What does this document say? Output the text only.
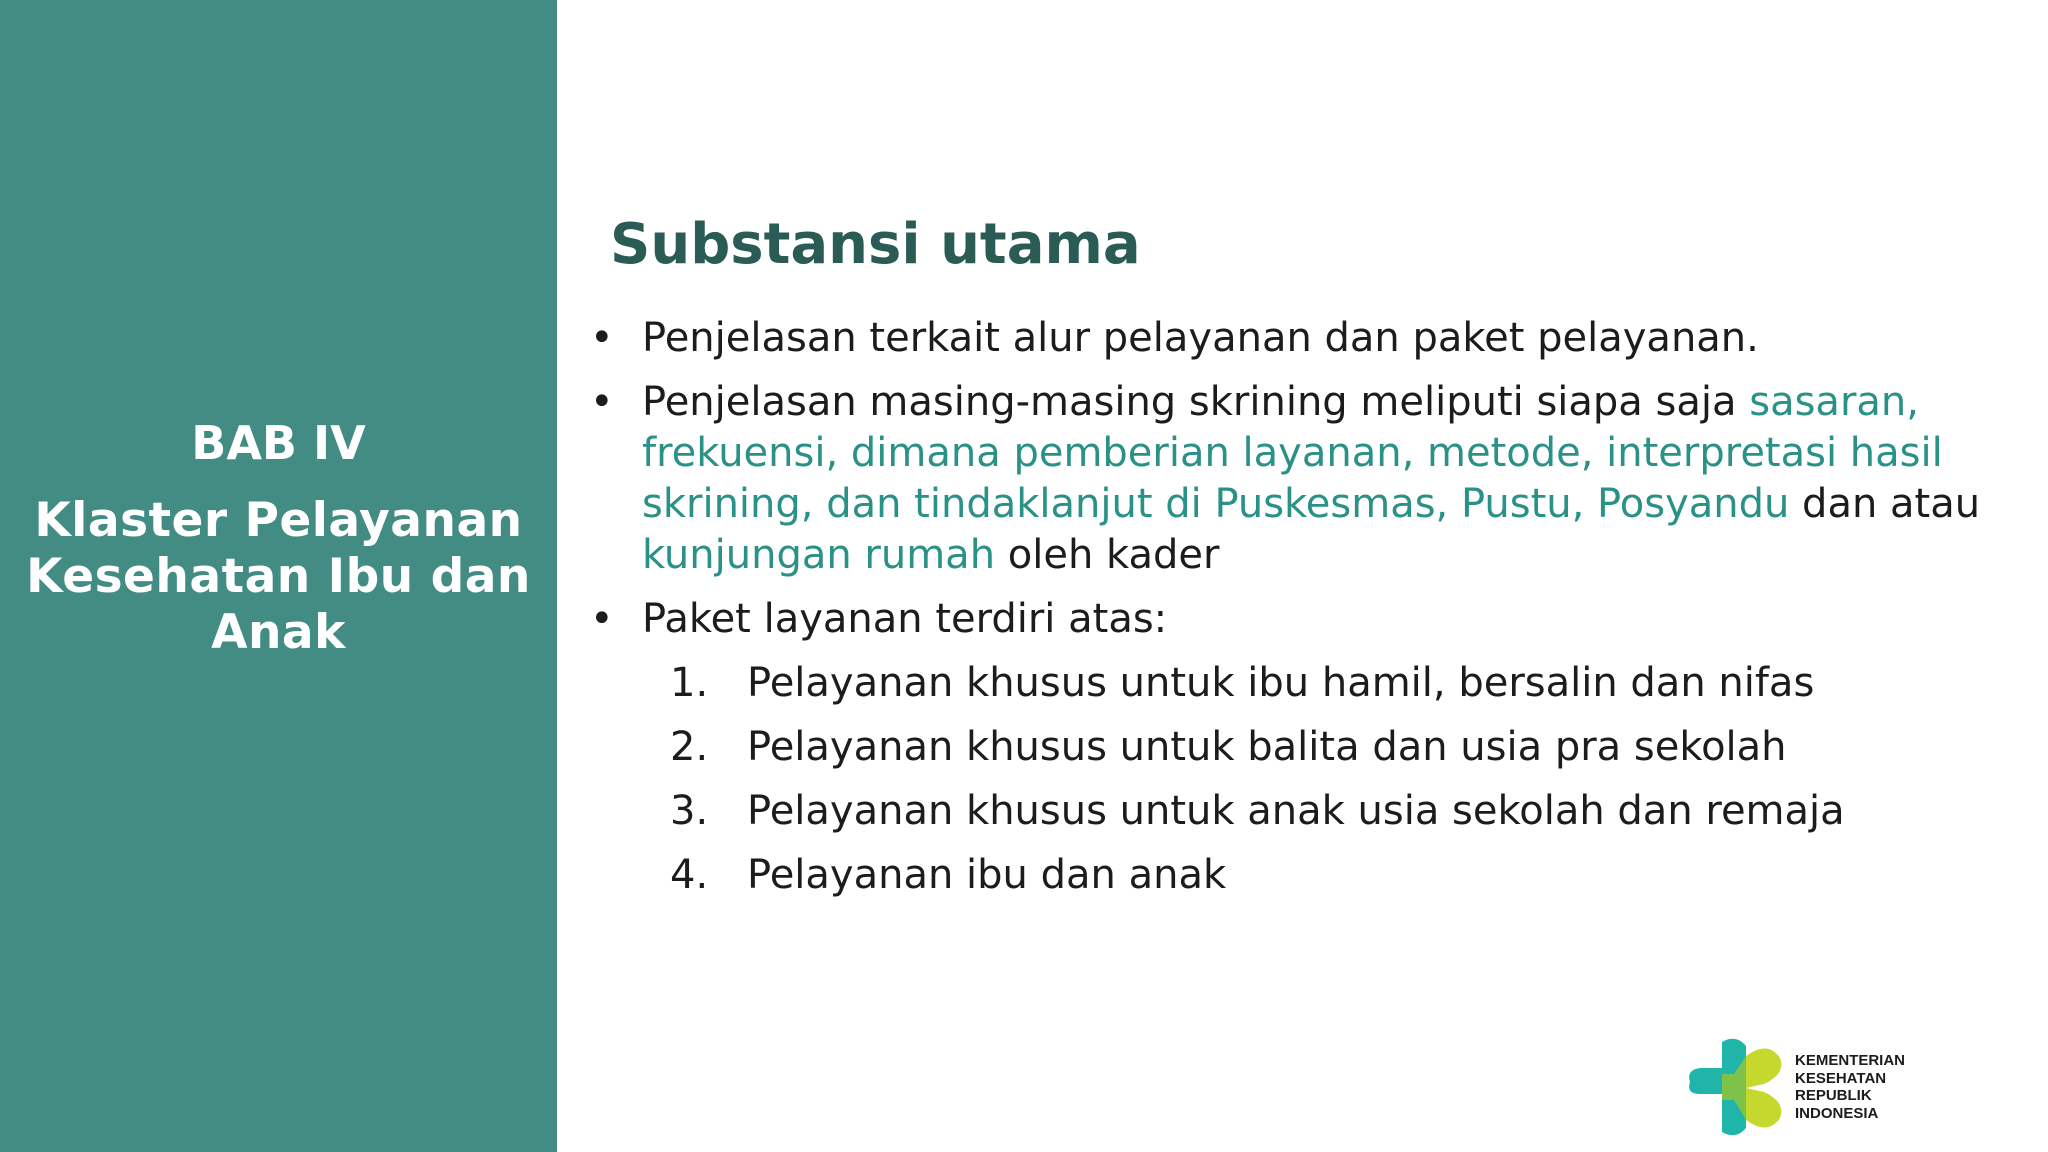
BAB IV
Klaster Pelayanan
Kesehatan Ibu dan
Anak
Substansi utama
• Penjelasan terkait alur pelayanan dan paket pelayanan.
• Penjelasan masing-masing skrining meliputi siapa saja sasaran, frekuensi, dimana pemberian layanan, metode, interpretasi hasil skrining, dan tindaklanjut di Puskesmas, Pustu, Posyandu dan atau kunjungan rumah oleh kader
• Paket layanan terdiri atas:
1. Pelayanan khusus untuk ibu hamil, bersalin dan nifas
2. Pelayanan khusus untuk balita dan usia pra sekolah
3. Pelayanan khusus untuk anak usia sekolah dan remaja
4. Pelayanan ibu dan anak
KEMENTERIAN
KESEHATAN
REPUBLIK
INDONESIA
